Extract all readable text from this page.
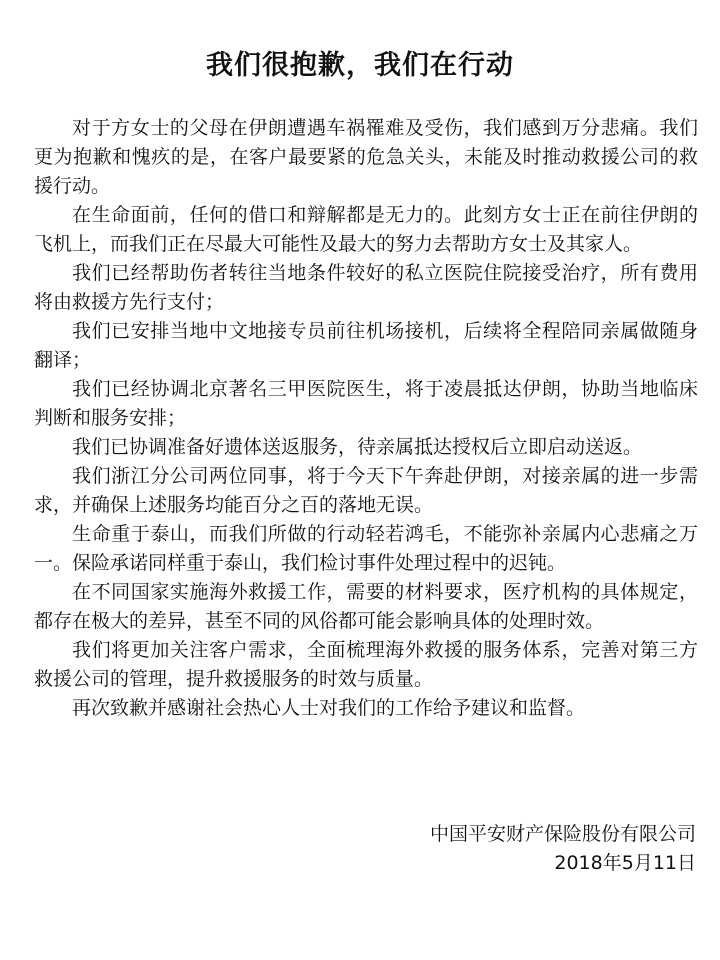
我们很抱歉，我们在行动

对于方女士的父母在伊朗遭遇车祸罹难及受伤，我们感到万分悲痛。我们更为抱歉和愧疚的是，在客户最要紧的危急关头，未能及时推动救援公司的救援行动。

在生命面前，任何的借口和辩解都是无力的。此刻方女士正在前往伊朗的飞机上，而我们正在尽最大可能性及最大的努力去帮助方女士及其家人。

我们已经帮助伤者转往当地条件较好的私立医院住院接受治疗，所有费用将由救援方先行支付；

我们已安排当地中文地接专员前往机场接机，后续将全程陪同亲属做随身翻译；

我们已经协调北京著名三甲医院医生，将于凌晨抵达伊朗，协助当地临床判断和服务安排；

我们已协调准备好遗体送返服务，待亲属抵达授权后立即启动送返。

我们浙江分公司两位同事，将于今天下午奔赴伊朗，对接亲属的进一步需求，并确保上述服务均能百分之百的落地无误。

生命重于泰山，而我们所做的行动轻若鸿毛，不能弥补亲属内心悲痛之万一。保险承诺同样重于泰山，我们检讨事件处理过程中的迟钝。

在不同国家实施海外救援工作，需要的材料要求，医疗机构的具体规定，都存在极大的差异，甚至不同的风俗都可能会影响具体的处理时效。

我们将更加关注客户需求，全面梳理海外救援的服务体系，完善对第三方救援公司的管理，提升救援服务的时效与质量。

再次致歉并感谢社会热心人士对我们的工作给予建议和监督。

中国平安财产保险股份有限公司
2018年5月11日
